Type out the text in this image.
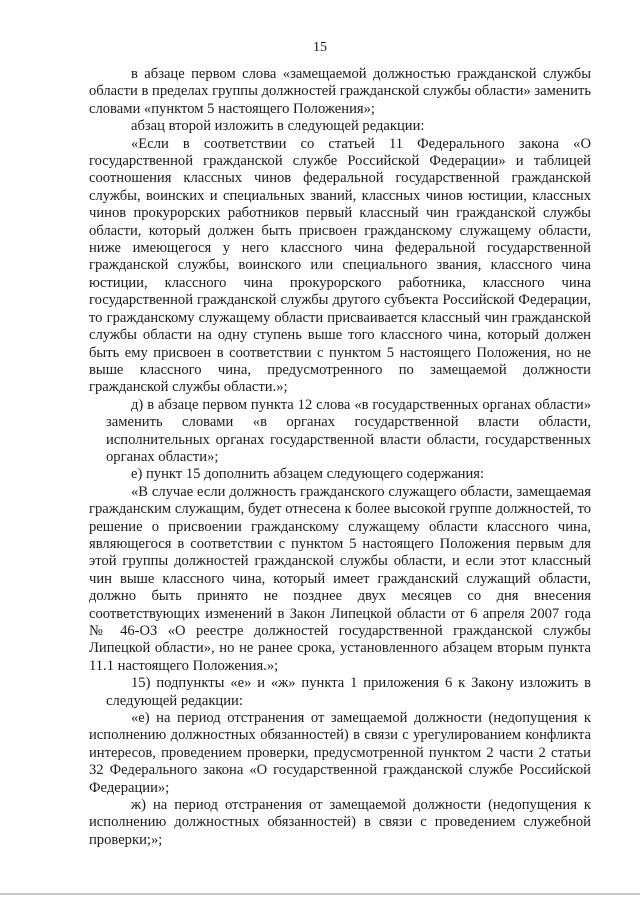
15

в абзаце первом слова «замещаемой должностью гражданской службы области в пределах группы должностей гражданской службы области» заменить словами «пунктом 5 настоящего Положения»;

абзац второй изложить в следующей редакции:

«Если в соответствии со статьей 11 Федерального закона «О государственной гражданской службе Российской Федерации» и таблицей соотношения классных чинов федеральной государственной гражданской службы, воинских и специальных званий, классных чинов юстиции, классных чинов прокурорских работников первый классный чин гражданской службы области, который должен быть присвоен гражданскому служащему области, ниже имеющегося у него классного чина федеральной государственной гражданской службы, воинского или специального звания, классного чина юстиции, классного чина прокурорского работника, классного чина государственной гражданской службы другого субъекта Российской Федерации, то гражданскому служащему области присваивается классный чин гражданской службы области на одну ступень выше того классного чина, который должен быть ему присвоен в соответствии с пунктом 5 настоящего Положения, но не выше классного чина, предусмотренного по замещаемой должности гражданской службы области.»;

д) в абзаце первом пункта 12 слова «в государственных органах области» заменить словами «в органах государственной власти области, исполнительных органах государственной власти области, государственных органах области»;

е) пункт 15 дополнить абзацем следующего содержания:

«В случае если должность гражданского служащего области, замещаемая гражданским служащим, будет отнесена к более высокой группе должностей, то решение о присвоении гражданскому служащему области классного чина, являющегося в соответствии с пунктом 5 настоящего Положения первым для этой группы должностей гражданской службы области, и если этот классный чин выше классного чина, который имеет гражданский служащий области, должно быть принято не позднее двух месяцев со дня внесения соответствующих изменений в Закон Липецкой области от 6 апреля 2007 года № 46-ОЗ «О реестре должностей государственной гражданской службы Липецкой области», но не ранее срока, установленного абзацем вторым пункта 11.1 настоящего Положения.»;

15) подпункты «е» и «ж» пункта 1 приложения 6 к Закону изложить в следующей редакции:

«е) на период отстранения от замещаемой должности (недопущения к исполнению должностных обязанностей) в связи с урегулированием конфликта интересов, проведением проверки, предусмотренной пунктом 2 части 2 статьи 32 Федерального закона «О государственной гражданской службе Российской Федерации»;

ж) на период отстранения от замещаемой должности (недопущения к исполнению должностных обязанностей) в связи с проведением служебной проверки;»;
